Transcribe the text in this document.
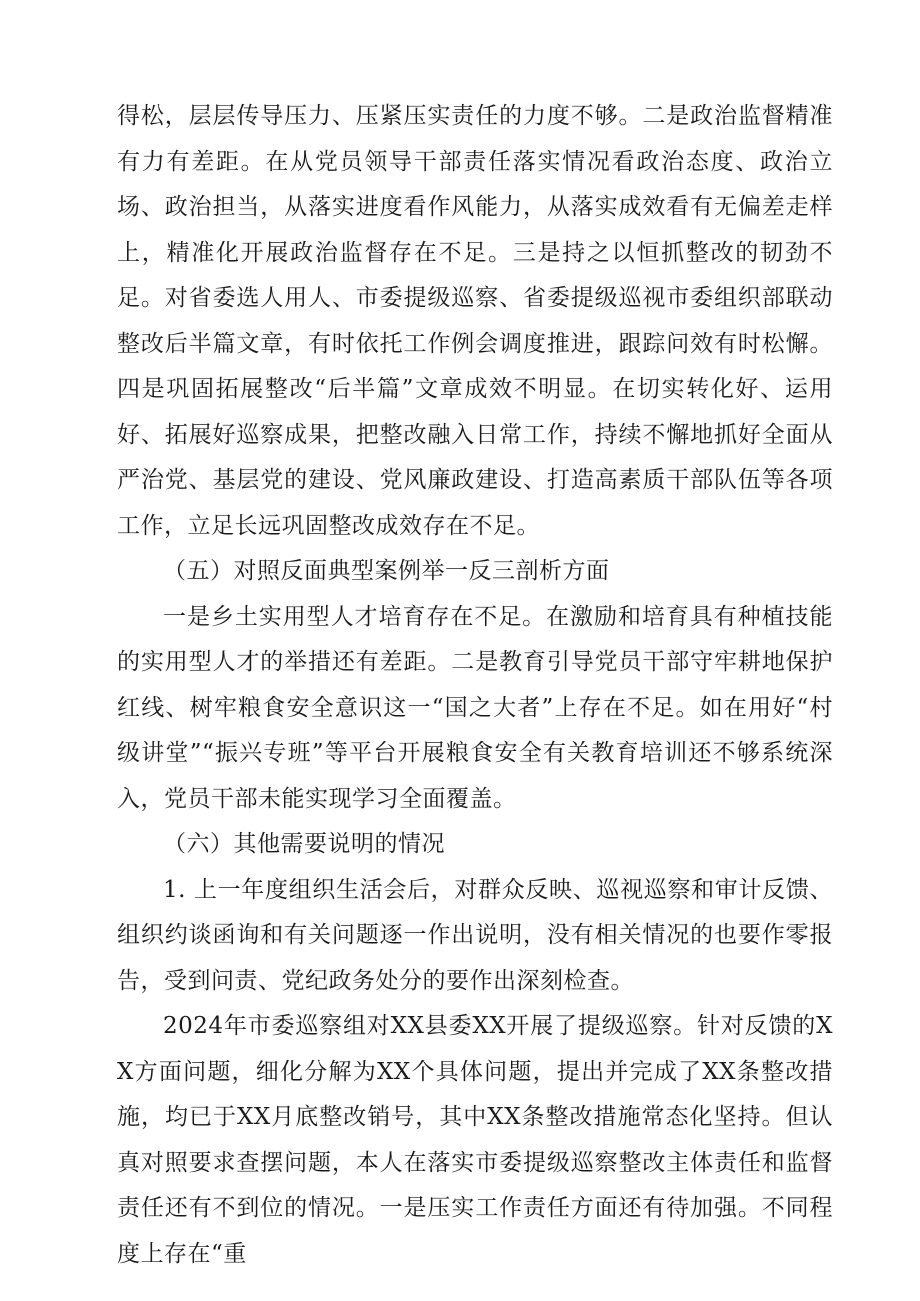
得松，层层传导压力、压紧压实责任的力度不够。二是政治监督精准有力有差距。在从党员领导干部责任落实情况看政治态度、政治立场、政治担当，从落实进度看作风能力，从落实成效看有无偏差走样上，精准化开展政治监督存在不足。三是持之以恒抓整改的韧劲不足。对省委选人用人、市委提级巡察、省委提级巡视市委组织部联动整改后半篇文章，有时依托工作例会调度推进，跟踪问效有时松懈。四是巩固拓展整改“后半篇”文章成效不明显。在切实转化好、运用好、拓展好巡察成果，把整改融入日常工作，持续不懈地抓好全面从严治党、基层党的建设、党风廉政建设、打造高素质干部队伍等各项工作，立足长远巩固整改成效存在不足。

（五）对照反面典型案例举一反三剖析方面

一是乡土实用型人才培育存在不足。在激励和培育具有种植技能的实用型人才的举措还有差距。二是教育引导党员干部守牢耕地保护红线、树牢粮食安全意识这一“国之大者”上存在不足。如在用好“村级讲堂”“振兴专班”等平台开展粮食安全有关教育培训还不够系统深入，党员干部未能实现学习全面覆盖。

（六）其他需要说明的情况

1. 上一年度组织生活会后，对群众反映、巡视巡察和审计反馈、组织约谈函询和有关问题逐一作出说明，没有相关情况的也要作零报告，受到问责、党纪政务处分的要作出深刻检查。

2024年市委巡察组对XX县委XX开展了提级巡察。针对反馈的XX方面问题，细化分解为XX个具体问题，提出并完成了XX条整改措施，均已于XX月底整改销号，其中XX条整改措施常态化坚持。但认真对照要求查摆问题，本人在落实市委提级巡察整改主体责任和监督责任还有不到位的情况。一是压实工作责任方面还有待加强。不同程度上存在“重
